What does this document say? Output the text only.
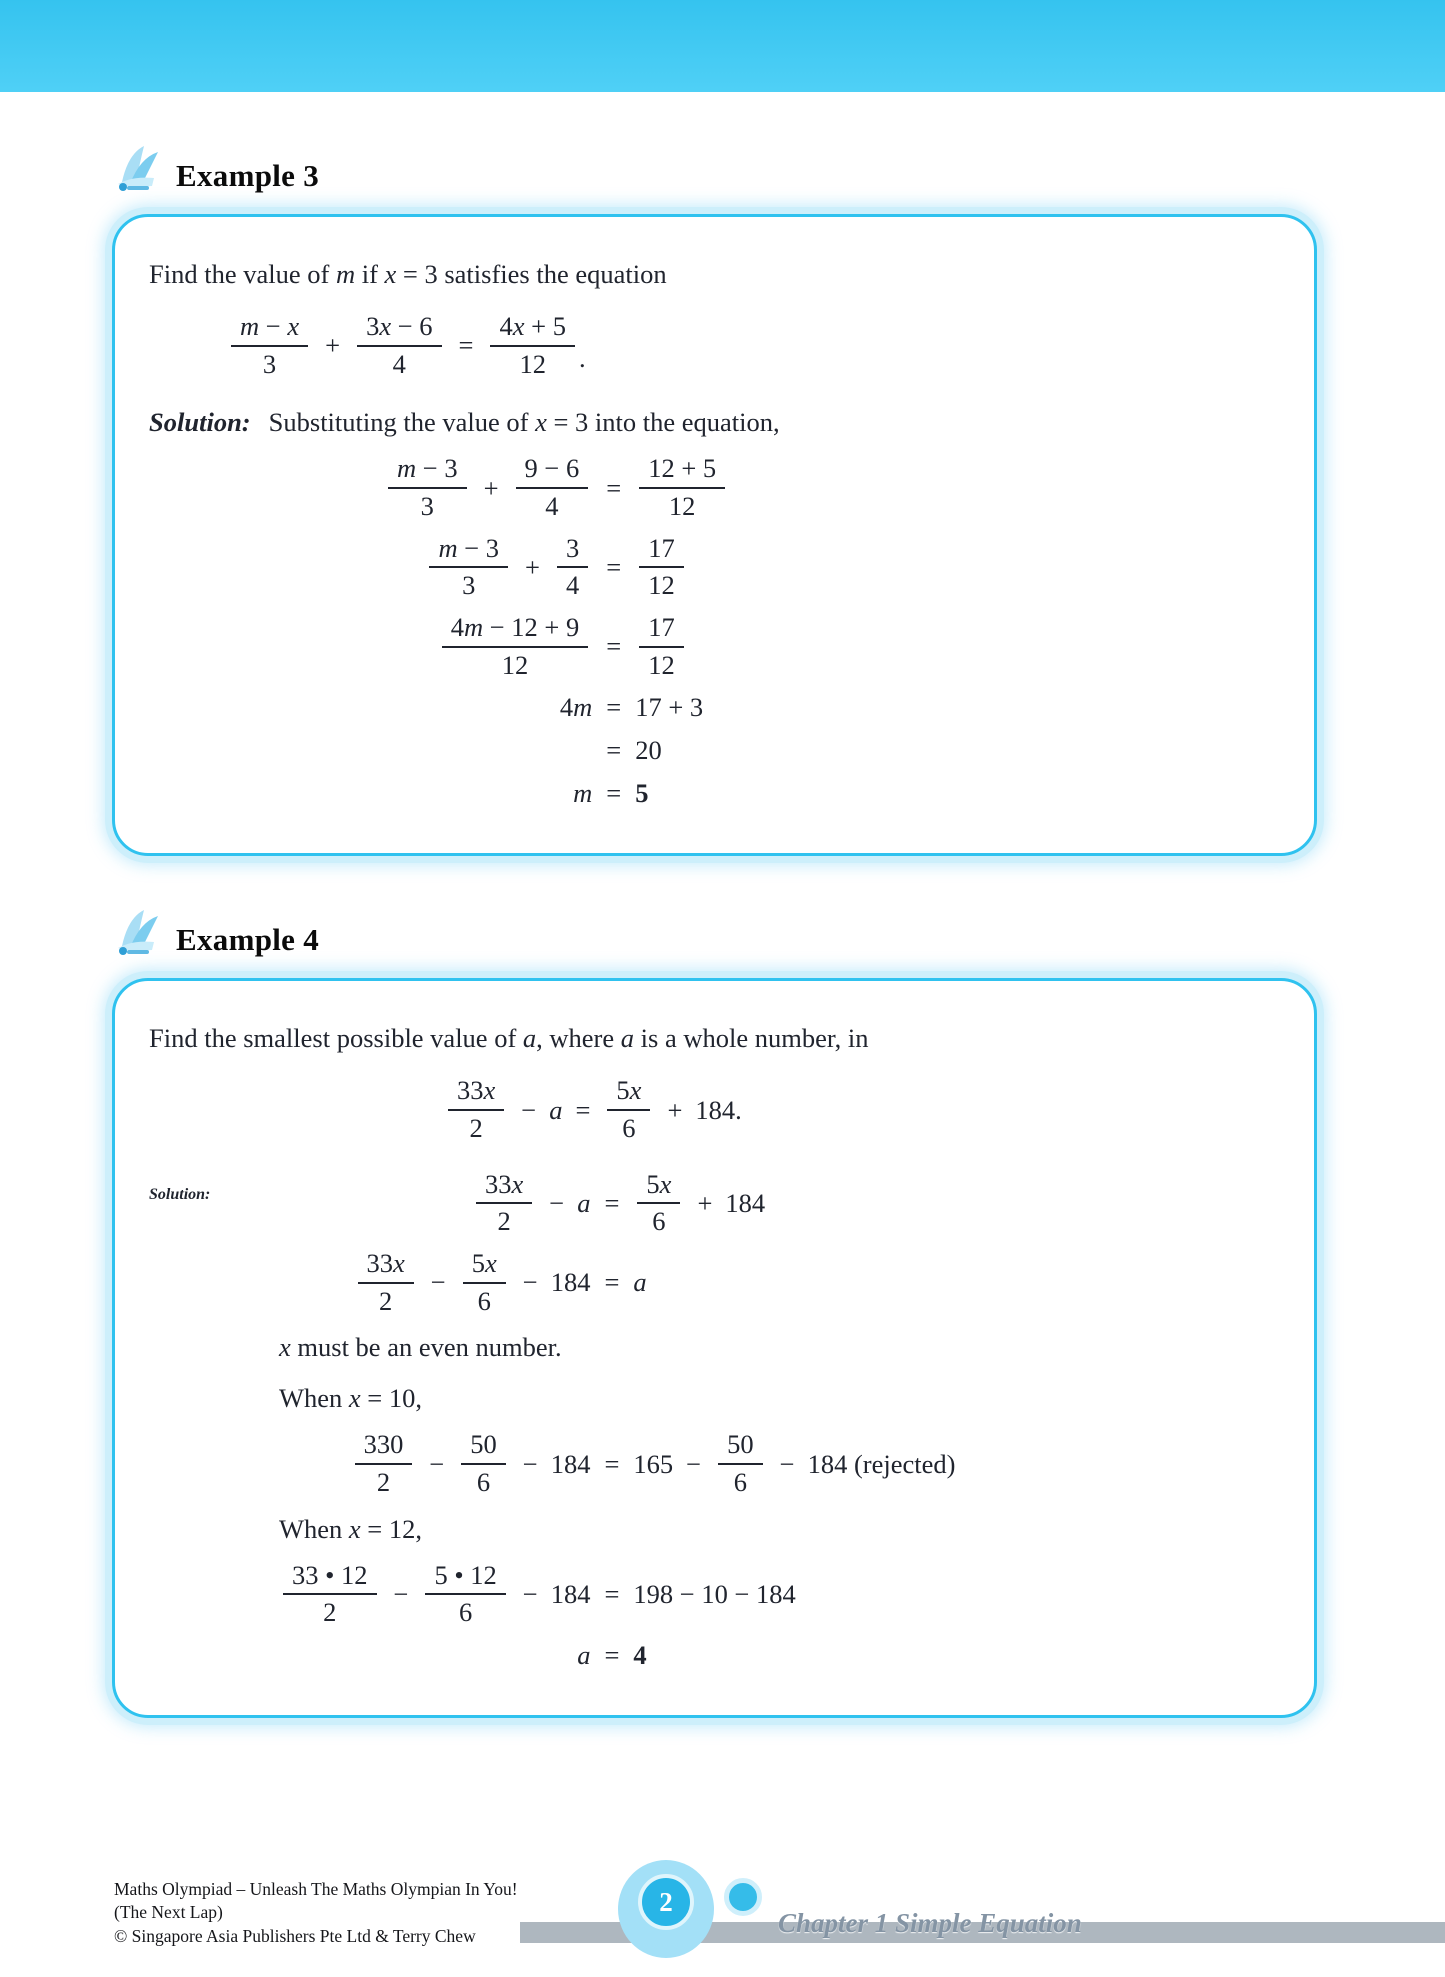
Example 3

Find the value of m if x = 3 satisfies the equation

$\frac{m - x}{3} + \frac{3x - 6}{4} = \frac{4x + 5}{12}$ .

Solution: Substituting the value of x = 3 into the equation,

$\frac{m - 3}{3} + \frac{9 - 6}{4} = \frac{12 + 5}{12}$
$\frac{m - 3}{3} + \frac{3}{4} = \frac{17}{12}$
$\frac{4m - 12 + 9}{12} = \frac{17}{12}$
4m = 17 + 3
= 20
m = 5
Example 4

Find the smallest possible value of a, where a is a whole number, in

$\frac{33x}{2} - a = \frac{5x}{6} + 184$.
Solution:	$\frac{33x}{2} - a = \frac{5x}{6} + 184$
$\frac{33x}{2} - \frac{5x}{6} - 184 = a$
x must be an even number.
When x = 10,
$\frac{330}{2} - \frac{50}{6} - 184 = 165 - \frac{50}{6} - 184$ (rejected)
When x = 12,
$\frac{33 • 12}{2} - \frac{5 • 12}{6} - 184 = 198 - 10 - 184$
a = 4
Maths Olympiad – Unleash The Maths Olympian In You!
(The Next Lap)
© Singapore Asia Publishers Pte Ltd & Terry Chew
2
Chapter 1 Simple Equation
